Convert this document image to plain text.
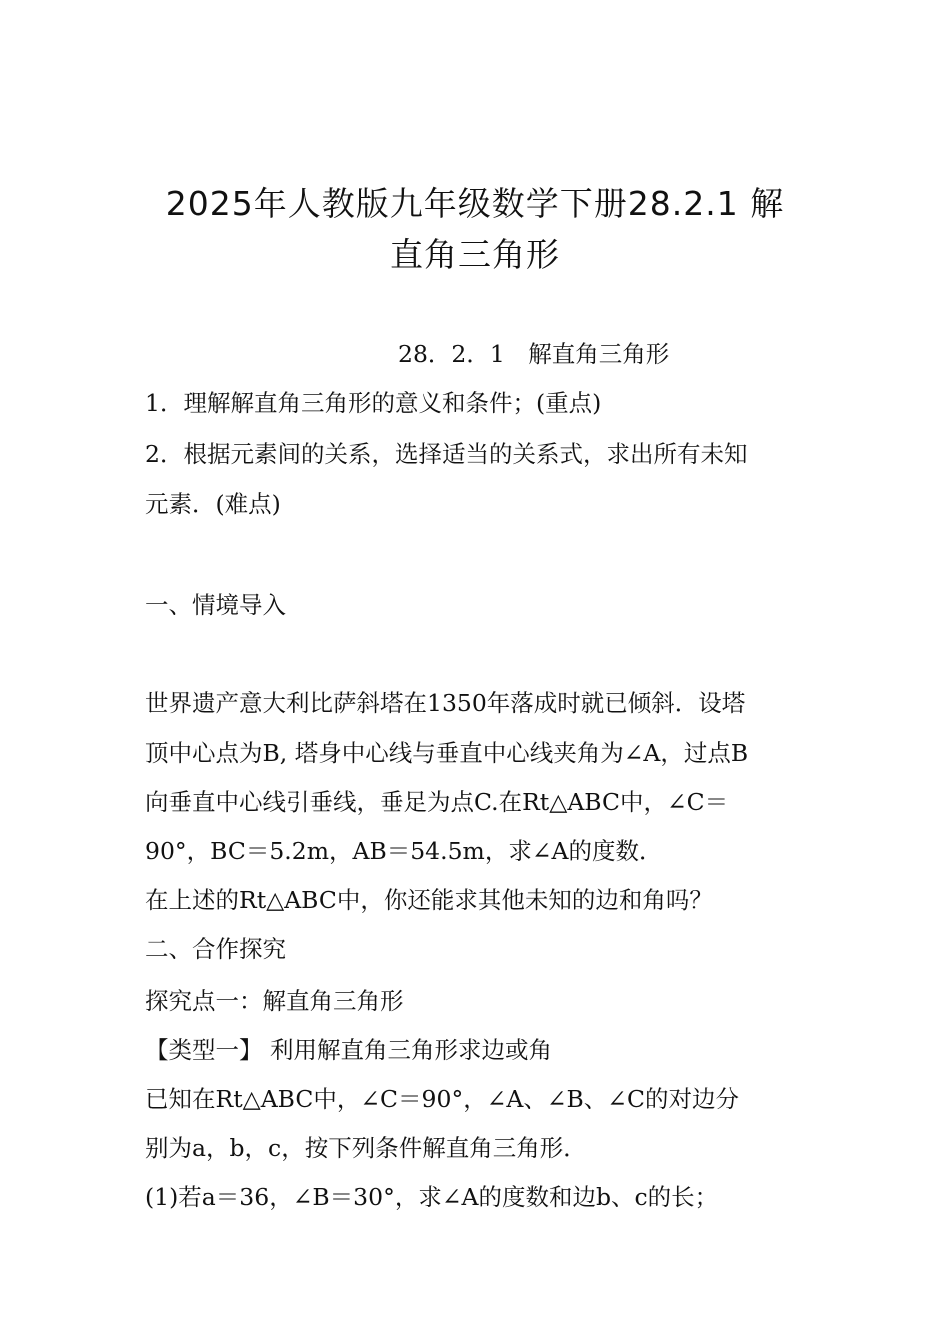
2025年人教版九年级数学下册28.2.1 解
直角三角形

28．2．1　解直角三角形

1．理解解直角三角形的意义和条件；(重点)

2．根据元素间的关系，选择适当的关系式，求出所有未知

元素．(难点)

一、情境导入

世界遗产意大利比萨斜塔在1350年落成时就已倾斜．设塔

顶中心点为B, 塔身中心线与垂直中心线夹角为∠A，过点B

向垂直中心线引垂线，垂足为点C.在Rt△ABC中，∠C＝

90°，BC＝5.2m，AB＝54.5m，求∠A的度数．

在上述的Rt△ABC中，你还能求其他未知的边和角吗？

二、合作探究

探究点一：解直角三角形

【类型一】 利用解直角三角形求边或角

已知在Rt△ABC中，∠C＝90°，∠A、∠B、∠C的对边分

别为a，b，c，按下列条件解直角三角形．

(1)若a＝36，∠B＝30°，求∠A的度数和边b、c的长；
